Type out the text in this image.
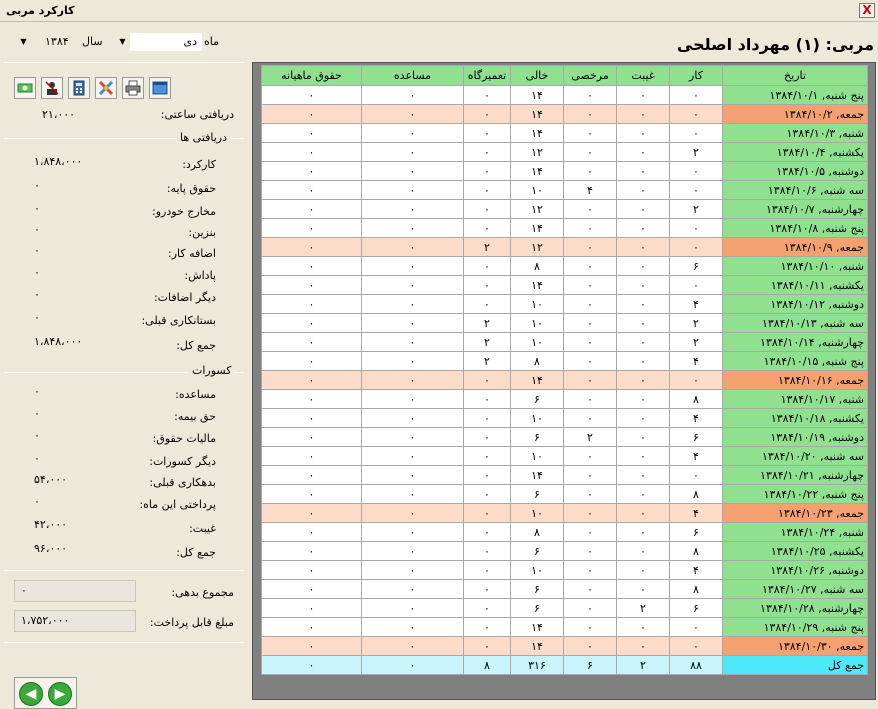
کارکرد مربی	X
▼	۱۳۸۴ سال	▼	دی ماه
دریافتی ساعتی:
۲۱،۰۰۰
دریافتی ها
کارکرد:
۱،۸۴۸،۰۰۰
حقوق پایه:
۰
مخارج خودرو:
۰
بنزین:
۰
اضافه کار:
۰
پاداش:
۰
دیگر اضافات:
۰
بستانکاری قبلی:
۰
جمع کل:
۱،۸۴۸،۰۰۰
کسورات
مساعده:
۰
حق بیمه:
۰
مالیات حقوق:
۰
دیگر کسورات:
۰
بدهکاری قبلی:
۵۴،۰۰۰
پرداختی این ماه:
۰
غیبت:
۴۲،۰۰۰
جمع کل:
۹۶،۰۰۰
۰	مجموع بدهی:
۱،۷۵۲،۰۰۰	مبلغ قابل پرداخت:
◀	▶
مربی: (۱) مهرداد اصلحی
تاریخ	کار	غیبت	مرخصی	خالی	تعمیرگاه	مساعده	حقوق ماهیانه
پنج شنبه, ۱۳۸۴/۱۰/۱	۰	۰	۰	۱۴	۰	۰	۰
جمعه, ۱۳۸۴/۱۰/۲	۰	۰	۰	۱۴	۰	۰	۰
شنبه, ۱۳۸۴/۱۰/۳	۰	۰	۰	۱۴	۰	۰	۰
یکشنبه, ۱۳۸۴/۱۰/۴	۲	۰	۰	۱۲	۰	۰	۰
دوشنبه, ۱۳۸۴/۱۰/۵	۰	۰	۰	۱۴	۰	۰	۰
سه شنبه, ۱۳۸۴/۱۰/۶	۰	۰	۴	۱۰	۰	۰	۰
چهارشنبه, ۱۳۸۴/۱۰/۷	۲	۰	۰	۱۲	۰	۰	۰
پنج شنبه, ۱۳۸۴/۱۰/۸	۰	۰	۰	۱۴	۰	۰	۰
جمعه, ۱۳۸۴/۱۰/۹	۰	۰	۰	۱۲	۲	۰	۰
شنبه, ۱۳۸۴/۱۰/۱۰	۶	۰	۰	۸	۰	۰	۰
یکشنبه, ۱۳۸۴/۱۰/۱۱	۰	۰	۰	۱۴	۰	۰	۰
دوشنبه, ۱۳۸۴/۱۰/۱۲	۴	۰	۰	۱۰	۰	۰	۰
سه شنبه, ۱۳۸۴/۱۰/۱۳	۲	۰	۰	۱۰	۲	۰	۰
چهارشنبه, ۱۳۸۴/۱۰/۱۴	۲	۰	۰	۱۰	۲	۰	۰
پنج شنبه, ۱۳۸۴/۱۰/۱۵	۴	۰	۰	۸	۲	۰	۰
جمعه, ۱۳۸۴/۱۰/۱۶	۰	۰	۰	۱۴	۰	۰	۰
شنبه, ۱۳۸۴/۱۰/۱۷	۸	۰	۰	۶	۰	۰	۰
یکشنبه, ۱۳۸۴/۱۰/۱۸	۴	۰	۰	۱۰	۰	۰	۰
دوشنبه, ۱۳۸۴/۱۰/۱۹	۶	۰	۲	۶	۰	۰	۰
سه شنبه, ۱۳۸۴/۱۰/۲۰	۴	۰	۰	۱۰	۰	۰	۰
چهارشنبه, ۱۳۸۴/۱۰/۲۱	۰	۰	۰	۱۴	۰	۰	۰
پنج شنبه, ۱۳۸۴/۱۰/۲۲	۸	۰	۰	۶	۰	۰	۰
جمعه, ۱۳۸۴/۱۰/۲۳	۴	۰	۰	۱۰	۰	۰	۰
شنبه, ۱۳۸۴/۱۰/۲۴	۶	۰	۰	۸	۰	۰	۰
یکشنبه, ۱۳۸۴/۱۰/۲۵	۸	۰	۰	۶	۰	۰	۰
دوشنبه, ۱۳۸۴/۱۰/۲۶	۴	۰	۰	۱۰	۰	۰	۰
سه شنبه, ۱۳۸۴/۱۰/۲۷	۸	۰	۰	۶	۰	۰	۰
چهارشنبه, ۱۳۸۴/۱۰/۲۸	۶	۲	۰	۶	۰	۰	۰
پنج شنبه, ۱۳۸۴/۱۰/۲۹	۰	۰	۰	۱۴	۰	۰	۰
جمعه, ۱۳۸۴/۱۰/۳۰	۰	۰	۰	۱۴	۰	۰	۰
جمع کل	۸۸	۲	۶	۳۱۶	۸	۰	۰
